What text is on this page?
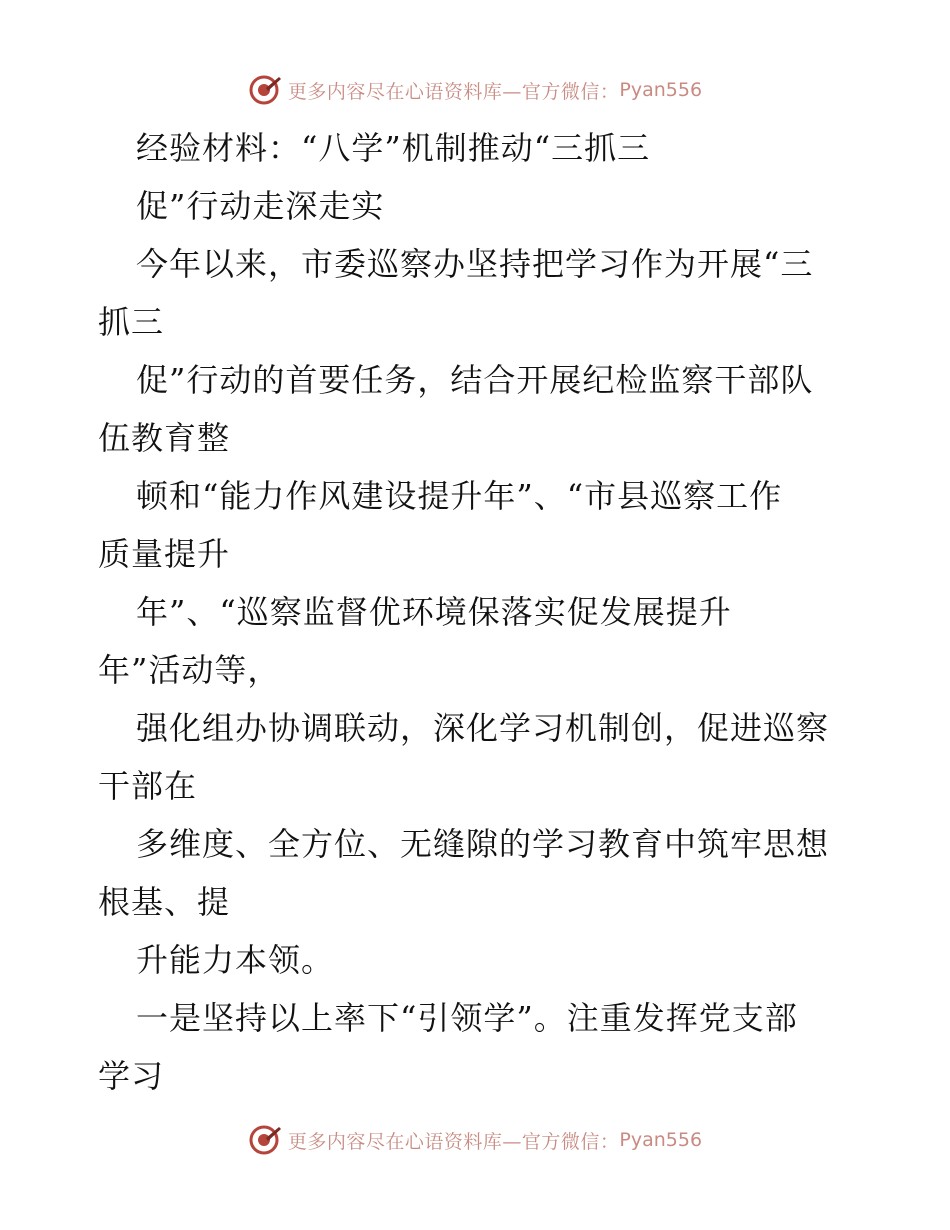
更多内容尽在心语资料库—官方微信： Pyan556
经验材料：“八学”机制推动“三抓三
促”行动走深走实
今年以来，市委巡察办坚持把学习作为开展“三
抓三
促”行动的首要任务，结合开展纪检监察干部队
伍教育整
顿和“能力作风建设提升年”、“市县巡察工作
质量提升
年”、“巡察监督优环境保落实促发展提升
年”活动等，
强化组办协调联动，深化学习机制创，促进巡察
干部在
多维度、全方位、无缝隙的学习教育中筑牢思想
根基、提
升能力本领。
一是坚持以上率下“引领学”。注重发挥党支部
学习
更多内容尽在心语资料库—官方微信： Pyan556
